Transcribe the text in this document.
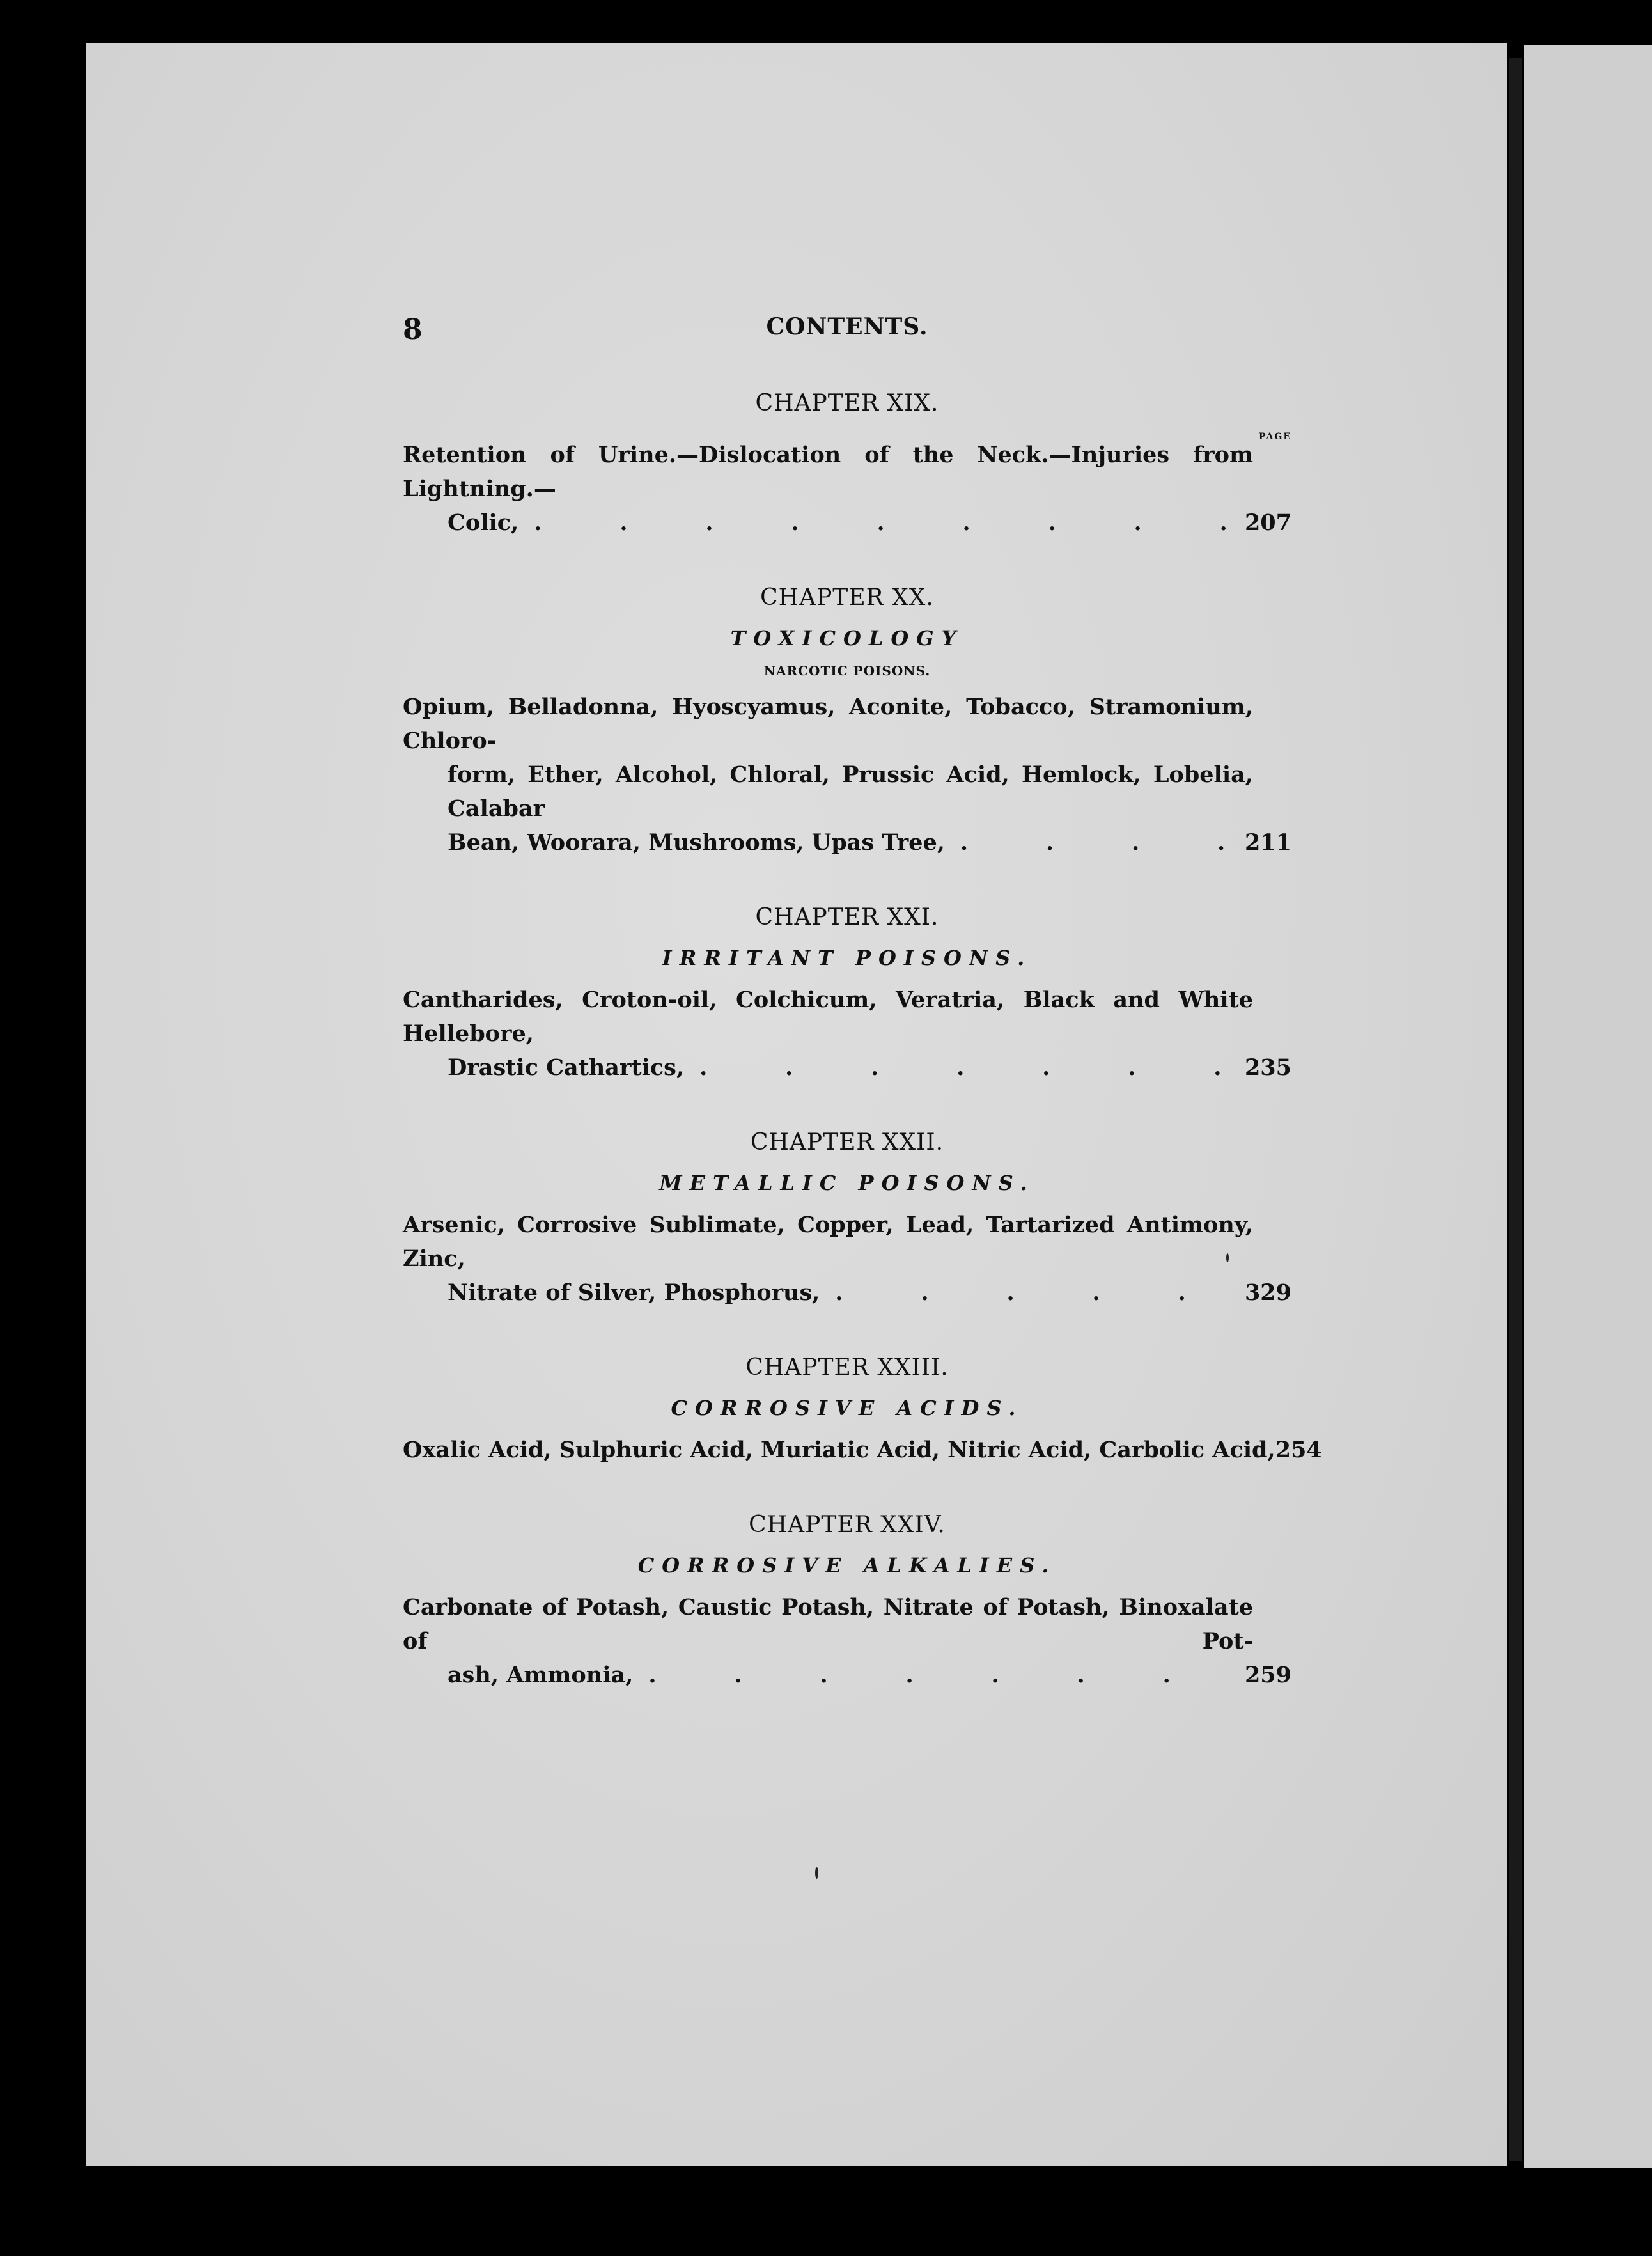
8	CONTENTS.
CHAPTER XIX.
PAGE
Retention of Urine.—Dislocation of the Neck.—Injuries from Lightning.—
Colic, .	207
CHAPTER XX.
TOXICOLOGY
NARCOTIC POISONS.
Opium, Belladonna, Hyoscyamus, Aconite, Tobacco, Stramonium, Chloro-
form, Ether, Alcohol, Chloral, Prussic Acid, Hemlock, Lobelia, Calabar
Bean, Woorara, Mushrooms, Upas Tree, .	211
CHAPTER XXI.
IRRITANT POISONS.
Cantharides, Croton-oil, Colchicum, Veratria, Black and White Hellebore,
Drastic Cathartics, .	235
CHAPTER XXII.
METALLIC POISONS.
Arsenic, Corrosive Sublimate, Copper, Lead, Tartarized Antimony, Zinc,
Nitrate of Silver, Phosphorus, .	329
CHAPTER XXIII.
CORROSIVE ACIDS.
Oxalic Acid, Sulphuric Acid, Muriatic Acid, Nitric Acid, Carbolic Acid, 254
CHAPTER XXIV.
CORROSIVE ALKALIES.
Carbonate of Potash, Caustic Potash, Nitrate of Potash, Binoxalate of Pot-
ash, Ammonia, .	259
